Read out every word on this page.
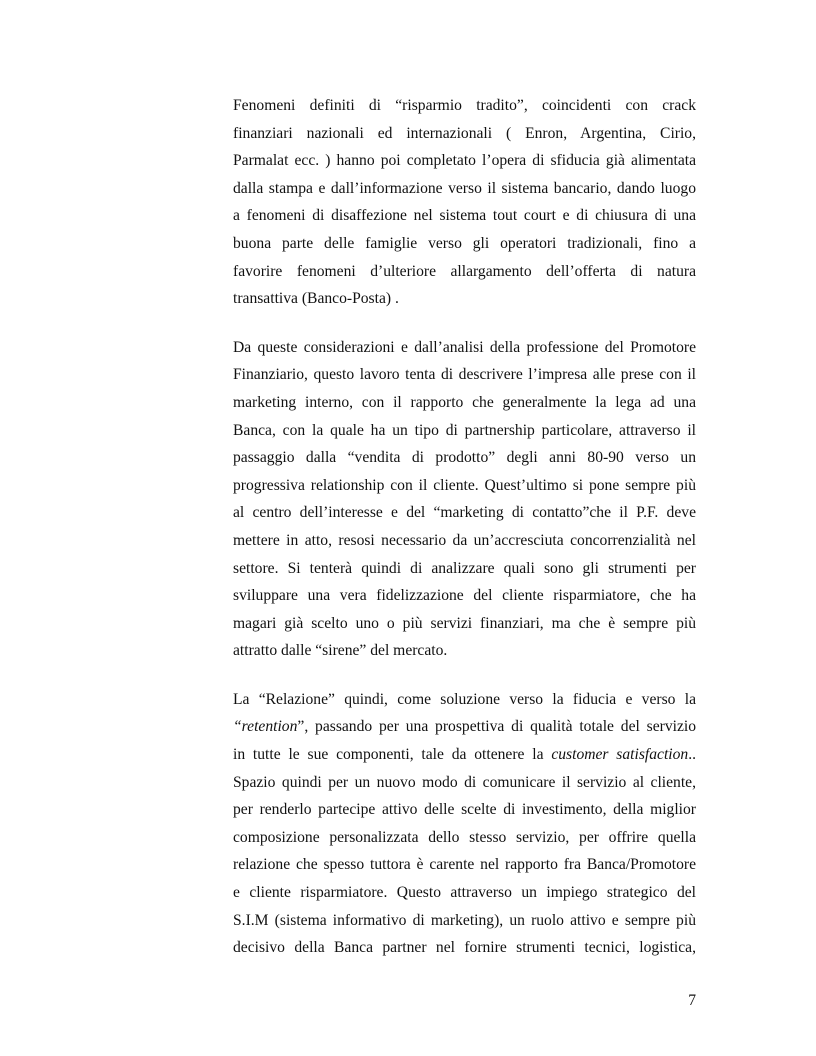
Fenomeni definiti di “risparmio tradito”, coincidenti con crack
finanziari nazionali ed internazionali ( Enron, Argentina, Cirio,
Parmalat ecc. ) hanno poi completato l’opera di sfiducia già alimentata
dalla stampa e dall’informazione verso il sistema bancario, dando luogo
a fenomeni di disaffezione nel sistema tout court e di chiusura di una
buona parte delle famiglie verso gli operatori tradizionali, fino a
favorire fenomeni d’ulteriore allargamento dell’offerta di natura
transattiva (Banco-Posta) .

Da queste considerazioni e dall’analisi della professione del Promotore
Finanziario, questo lavoro tenta di descrivere l’impresa alle prese con il
marketing interno, con il rapporto che generalmente la lega ad una
Banca, con la quale ha un tipo di partnership particolare, attraverso il
passaggio dalla “vendita di prodotto” degli anni 80-90 verso un
progressiva relationship con il cliente. Quest’ultimo si pone sempre più
al centro dell’interesse e del “marketing di contatto”che il P.F. deve
mettere in atto, resosi necessario da un’accresciuta concorrenzialità nel
settore. Si tenterà quindi di analizzare quali sono gli strumenti per
sviluppare una vera fidelizzazione del cliente risparmiatore, che ha
magari già scelto uno o più servizi finanziari, ma che è sempre più
attratto dalle “sirene” del mercato.

La “Relazione” quindi, come soluzione verso la fiducia e verso la
“retention”, passando per una prospettiva di qualità totale del servizio
in tutte le sue componenti, tale da ottenere la customer satisfaction..
Spazio quindi per un nuovo modo di comunicare il servizio al cliente,
per renderlo partecipe attivo delle scelte di investimento, della miglior
composizione personalizzata dello stesso servizio, per offrire quella
relazione che spesso tuttora è carente nel rapporto fra Banca/Promotore
e cliente risparmiatore. Questo attraverso un impiego strategico del
S.I.M (sistema informativo di marketing), un ruolo attivo e sempre più
decisivo della Banca partner nel fornire strumenti tecnici, logistica,

7
